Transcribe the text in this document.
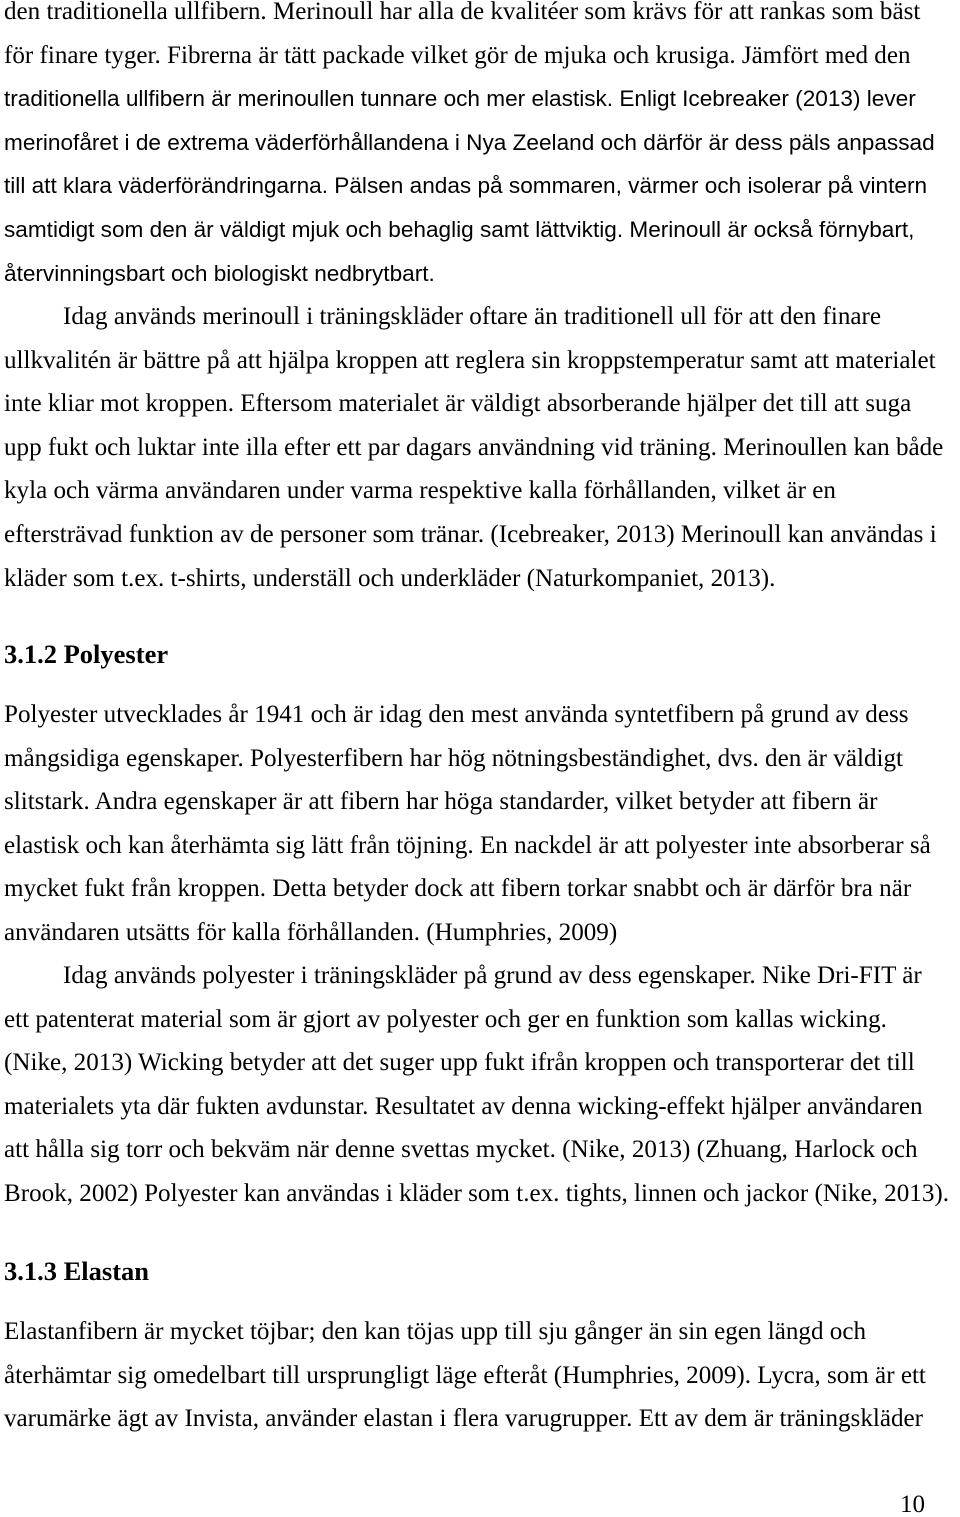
den traditionella ullfibern. Merinoull har alla de kvalitéer som krävs för att rankas som bäst
för finare tyger. Fibrerna är tätt packade vilket gör de mjuka och krusiga. Jämfört med den
traditionella ullfibern är merinoullen tunnare och mer elastisk. Enligt Icebreaker (2013) lever
merinofåret i de extrema väderförhållandena i Nya Zeeland och därför är dess päls anpassad
till att klara väderförändringarna. Pälsen andas på sommaren, värmer och isolerar på vintern
samtidigt som den är väldigt mjuk och behaglig samt lättviktig. Merinoull är också förnybart,
återvinningsbart och biologiskt nedbrytbart.
Idag används merinoull i träningskläder oftare än traditionell ull för att den finare
ullkvalitén är bättre på att hjälpa kroppen att reglera sin kroppstemperatur samt att materialet
inte kliar mot kroppen. Eftersom materialet är väldigt absorberande hjälper det till att suga
upp fukt och luktar inte illa efter ett par dagars användning vid träning. Merinoullen kan både
kyla och värma användaren under varma respektive kalla förhållanden, vilket är en
eftersträvad funktion av de personer som tränar. (Icebreaker, 2013) Merinoull kan användas i
kläder som t.ex. t-shirts, underställ och underkläder (Naturkompaniet, 2013).
3.1.2 Polyester
Polyester utvecklades år 1941 och är idag den mest använda syntetfibern på grund av dess
mångsidiga egenskaper. Polyesterfibern har hög nötningsbeständighet, dvs. den är väldigt
slitstark. Andra egenskaper är att fibern har höga standarder, vilket betyder att fibern är
elastisk och kan återhämta sig lätt från töjning. En nackdel är att polyester inte absorberar så
mycket fukt från kroppen. Detta betyder dock att fibern torkar snabbt och är därför bra när
användaren utsätts för kalla förhållanden. (Humphries, 2009)
Idag används polyester i träningskläder på grund av dess egenskaper. Nike Dri-FIT är
ett patenterat material som är gjort av polyester och ger en funktion som kallas wicking.
(Nike, 2013) Wicking betyder att det suger upp fukt ifrån kroppen och transporterar det till
materialets yta där fukten avdunstar. Resultatet av denna wicking-effekt hjälper användaren
att hålla sig torr och bekväm när denne svettas mycket. (Nike, 2013) (Zhuang, Harlock och
Brook, 2002) Polyester kan användas i kläder som t.ex. tights, linnen och jackor (Nike, 2013).
3.1.3 Elastan
Elastanfibern är mycket töjbar; den kan töjas upp till sju gånger än sin egen längd och
återhämtar sig omedelbart till ursprungligt läge efteråt (Humphries, 2009). Lycra, som är ett
varumärke ägt av Invista, använder elastan i flera varugrupper. Ett av dem är träningskläder
10
